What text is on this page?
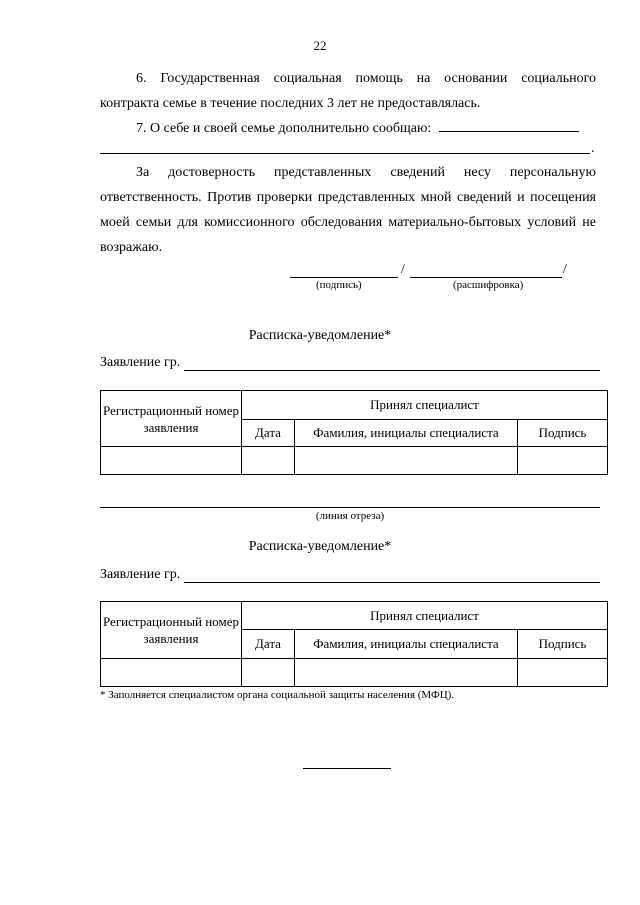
22
6. Государственная социальная помощь на основании социального контракта семье в течение последних 3 лет не предоставлялась.
7. О себе и своей семье дополнительно сообщаю:
.
За достоверность представленных сведений несу персональную ответственность. Против проверки представленных мной сведений и посещения моей семьи для комиссионного обследования материально-бытовых условий не возражаю.
/	/
(подпись)	(расшифровка)
Расписка-уведомление*
Заявление гр.
Регистрационный номер заявления	Принял специалист		
	Дата	Фамилия, инициалы специалиста	Подпись

(линия отреза)
Расписка-уведомление*
Заявление гр.
Регистрационный номер заявления	Принял специалист		
	Дата	Фамилия, инициалы специалиста	Подпись

* Заполняется специалистом органа социальной защиты населения (МФЦ).
